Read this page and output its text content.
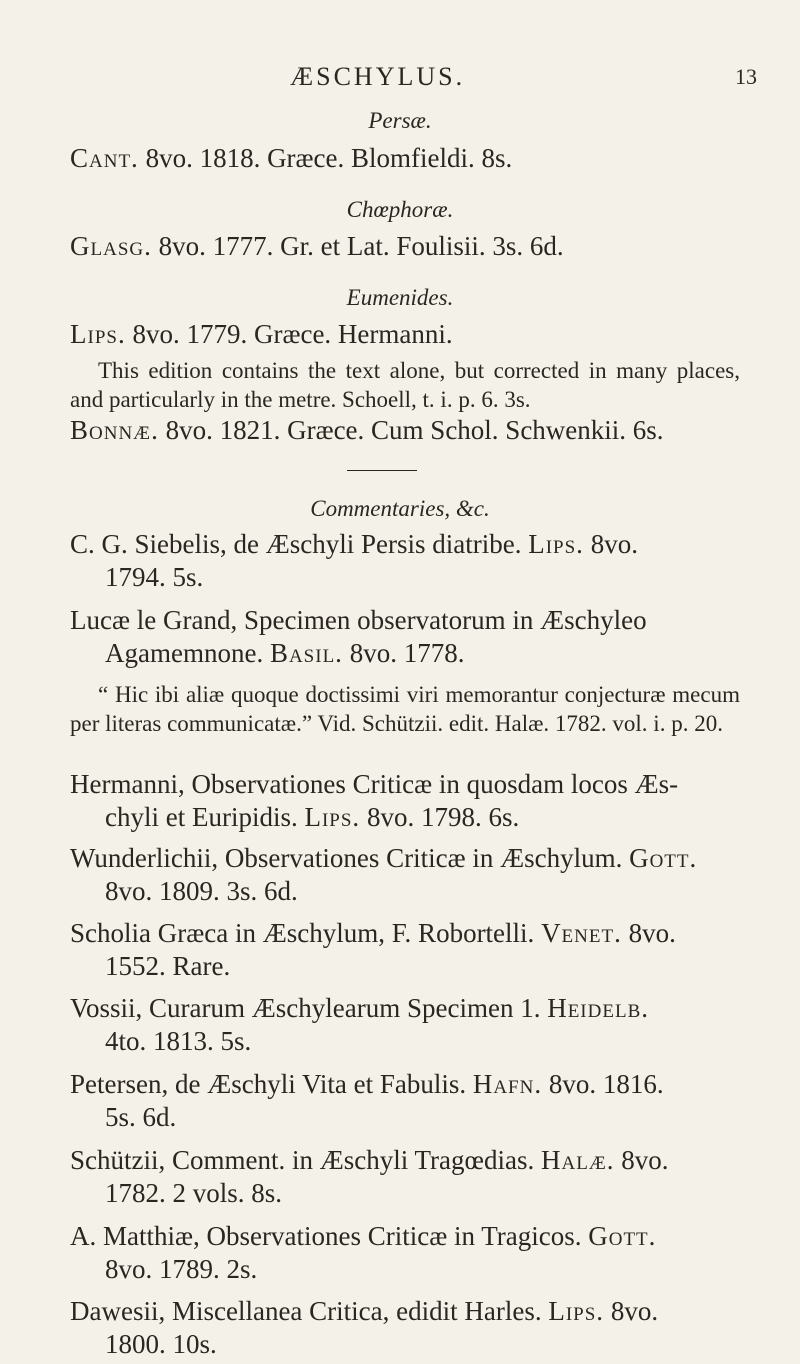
ÆSCHYLUS.	13
Persæ.
Cant. 8vo. 1818. Græce. Blomfieldi. 8s.
Chœphoræ.
Glasg. 8vo. 1777. Gr. et Lat. Foulisii. 3s. 6d.
Eumenides.
Lips. 8vo. 1779. Græce. Hermanni.
This edition contains the text alone, but corrected in many places, and particularly in the metre. Schoell, t. i. p. 6. 3s.
Bonnæ. 8vo. 1821. Græce. Cum Schol. Schwenkii. 6s.
Commentaries, &c.
C. G. Siebelis, de Æschyli Persis diatribe. Lips. 8vo.
1794. 5s.
Lucæ le Grand, Specimen observatorum in Æschyleo
Agamemnone. Basil. 8vo. 1778.
“ Hic ibi aliæ quoque doctissimi viri memorantur conjecturæ mecum per literas communicatæ.” Vid. Schützii. edit. Halæ. 1782. vol. i. p. 20.
Hermanni, Observationes Criticæ in quosdam locos Æs-
chyli et Euripidis. Lips. 8vo. 1798. 6s.
Wunderlichii, Observationes Criticæ in Æschylum. Gott.
8vo. 1809. 3s. 6d.
Scholia Græca in Æschylum, F. Robortelli. Venet. 8vo.
1552. Rare.
Vossii, Curarum Æschylearum Specimen 1. Heidelb.
4to. 1813. 5s.
Petersen, de Æschyli Vita et Fabulis. Hafn. 8vo. 1816.
5s. 6d.
Schützii, Comment. in Æschyli Tragœdias. Halæ. 8vo.
1782. 2 vols. 8s.
A. Matthiæ, Observationes Criticæ in Tragicos. Gott.
8vo. 1789. 2s.
Dawesii, Miscellanea Critica, edidit Harles. Lips. 8vo.
1800. 10s.
